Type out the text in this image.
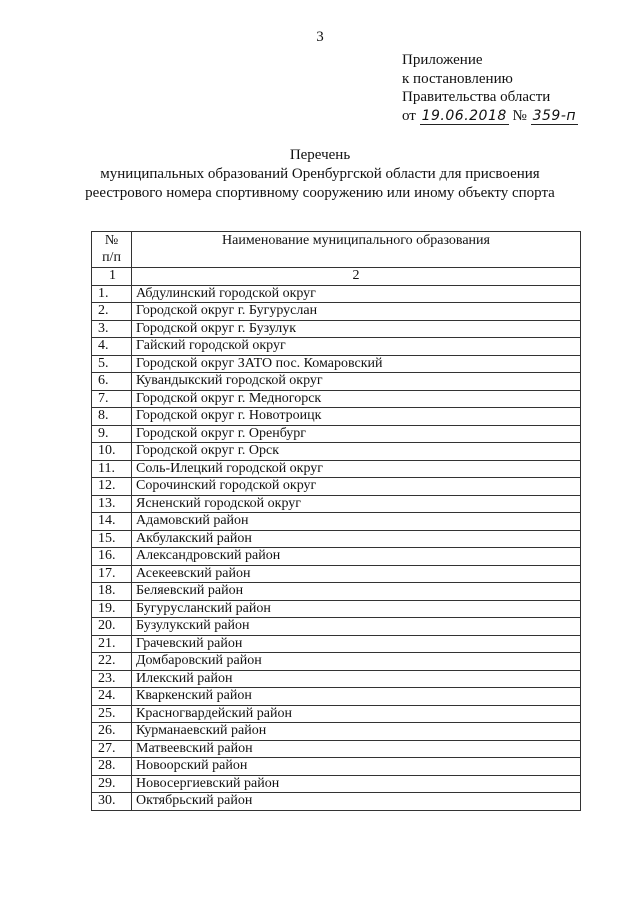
3
Приложение
к постановлению
Правительства области
от 19.06.2018 № 359-п
Перечень
муниципальных образований Оренбургской области для присвоения
реестрового номера спортивному сооружению или иному объекту спорта
№
п/п	Наименование муниципального образования
1	2
1.	Абдулинский городской округ
2.	Городской округ г. Бугуруслан
3.	Городской округ г. Бузулук
4.	Гайский городской округ
5.	Городской округ ЗАТО пос. Комаровский
6.	Кувандыкский городской округ
7.	Городской округ г. Медногорск
8.	Городской округ г. Новотроицк
9.	Городской округ г. Оренбург
10.	Городской округ г. Орск
11.	Соль-Илецкий городской округ
12.	Сорочинский городской округ
13.	Ясненский городской округ
14.	Адамовский район
15.	Акбулакский район
16.	Александровский район
17.	Асекеевский район
18.	Беляевский район
19.	Бугурусланский район
20.	Бузулукский район
21.	Грачевский район
22.	Домбаровский район
23.	Илекский район
24.	Кваркенский район
25.	Красногвардейский район
26.	Курманаевский район
27.	Матвеевский район
28.	Новоорский район
29.	Новосергиевский район
30.	Октябрьский район
